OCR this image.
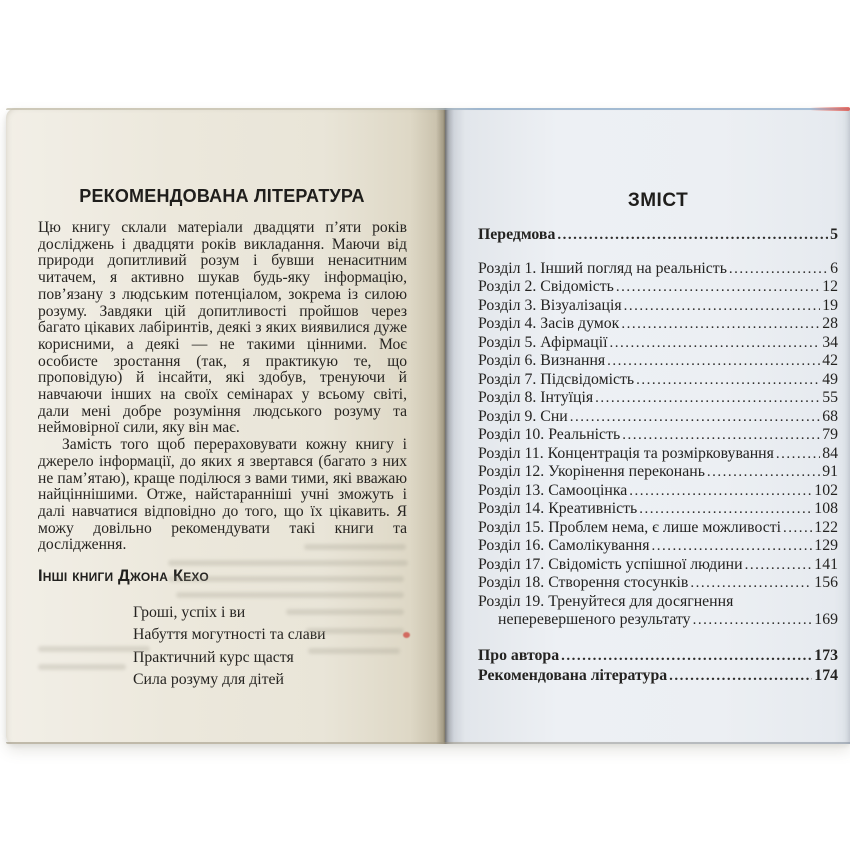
РЕКОМЕНДОВАНА ЛІТЕРАТУРА

Цю книгу склали матеріали двадцяти п’яти років досліджень і двадцяти років викладання. Маючи від природи допитливий розум і бувши ненаситним читачем, я активно шукав будь-яку інформацію, пов’язану з людським потенціалом, зокрема із силою розуму. Завдяки цій допитливості пройшов через багато цікавих лабіринтів, деякі з яких виявилися дуже корисними, а деякі — не такими цінними. Моє особисте зростання (так, я практикую те, що проповідую) й інсайти, які здобув, тренуючи й навчаючи інших на своїх семінарах у всьому світі, дали мені добре розуміння людського розуму та неймовірної сили, яку він має.

Замість того щоб перераховувати кожну книгу і джерело інформації, до яких я звертався (багато з них не пам’ятаю), краще поділюся з вами тими, які вважаю найціннішими. Отже, найстаранніші учні зможуть і далі навчатися відповідно до того, що їх цікавить. Я можу довільно рекомендувати такі книги та дослідження.

Інші книги Джона Кехо
Гроші, успіх і ви
Набуття могутності та слави
Практичний курс щастя
Сила розуму для дітей
ЗМІСТ
Передмова .....	5
Розділ 1. Інший погляд на реальність .....	6
Розділ 2. Свідомість .....	12
Розділ 3. Візуалізація .....	19
Розділ 4. Засів думок .....	28
Розділ 5. Афірмації .....	34
Розділ 6. Визнання .....	42
Розділ 7. Підсвідомість .....	49
Розділ 8. Інтуїція .....	55
Розділ 9. Сни .....	68
Розділ 10. Реальність .....	79
Розділ 11. Концентрація та розмірковування .....	84
Розділ 12. Укорінення переконань .....	91
Розділ 13. Самооцінка .....	102
Розділ 14. Креативність .....	108
Розділ 15. Проблем нема, є лише можливості ..... 122
Розділ 16. Самолікування .....	129
Розділ 17. Свідомість успішної людини .....	141
Розділ 18. Створення стосунків .....	156
Розділ 19. Тренуйтеся для досягнення
неперевершеного результату .....	169
Про автора .....	173
Рекомендована література .....	174
